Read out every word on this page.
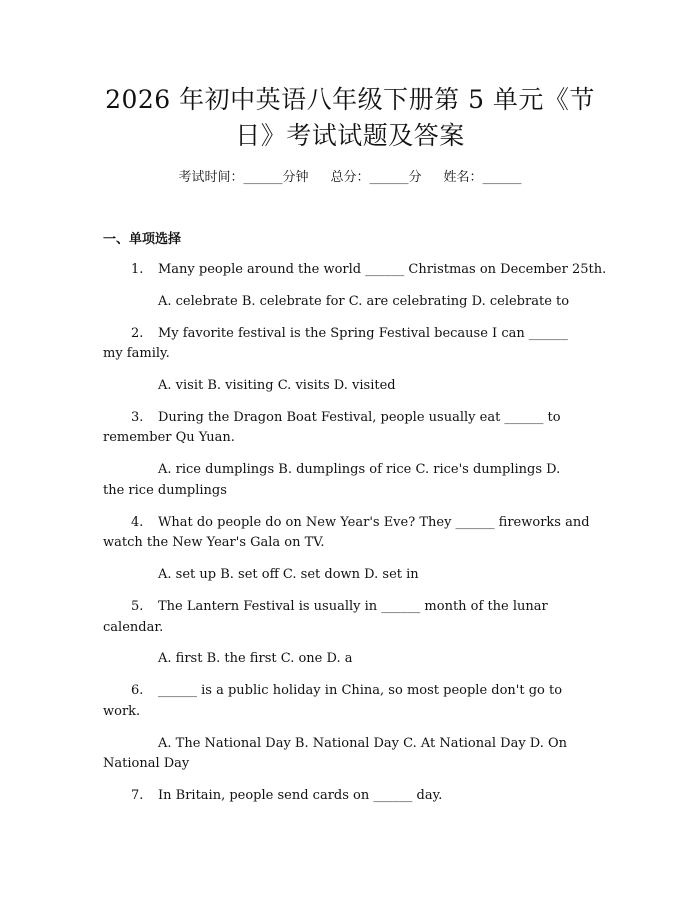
2026 年初中英语八年级下册第 5 单元《节
日》考试试题及答案
考试时间：______分钟 总分：______分 姓名：______
一、单项选择
1. Many people around the world ______ Christmas on December 25th.
A. celebrate B. celebrate for C. are celebrating D. celebrate to
2. My favorite festival is the Spring Festival because I can ______
my family.
A. visit B. visiting C. visits D. visited
3. During the Dragon Boat Festival, people usually eat ______ to
remember Qu Yuan.
A. rice dumplings B. dumplings of rice C. rice's dumplings D.
the rice dumplings
4. What do people do on New Year's Eve? They ______ fireworks and
watch the New Year's Gala on TV.
A. set up B. set off C. set down D. set in
5. The Lantern Festival is usually in ______ month of the lunar
calendar.
A. first B. the first C. one D. a
6. ______ is a public holiday in China, so most people don't go to
work.
A. The National Day B. National Day C. At National Day D. On
National Day
7. In Britain, people send cards on ______ day.
